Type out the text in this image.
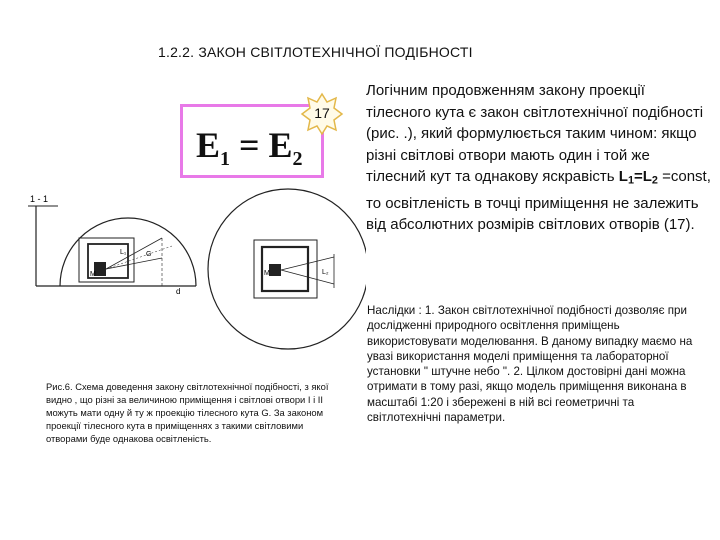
1.2.2. ЗАКОН СВІТЛОТЕХНІЧНОЇ ПОДІБНОСТІ
$E_1 = E_2$
17
1 - 1
M
L₁	G
d
M	L₂
Рис.6. Схема доведення закону світлотехнічної подібності, з якої видно , що різні за величиною приміщення і світлові отвори І і ІІ можуть мати одну й ту ж проекцію тілесного кута G. За законом проекції тілесного кута в приміщеннях з такими світловими отворами буде однакова освітленість.
Логічним продовженням закону проекції тілесного кута є закон світлотехнічної подібності (рис. .), який формулюється таким чином: якщо різні світлові отвори мають один і той же тілесний кут та однакову яскравість $L_1=L_2$ =const, то освітленість в точці приміщення не залежить від абсолютних розмірів світлових отворів (17).
Наслідки : 1. Закон світлотехнічної подібності дозволяє при дослідженні природного освітлення приміщень використовувати моделювання. В даному випадку маємо на увазі використання моделі приміщення та лабораторної установки " штучне небо ". 2. Цілком достовірні дані можна отримати в тому разі, якщо модель приміщення виконана в масштабі 1:20 і збережені в ній всі геометричні та світлотехнічні параметри.
